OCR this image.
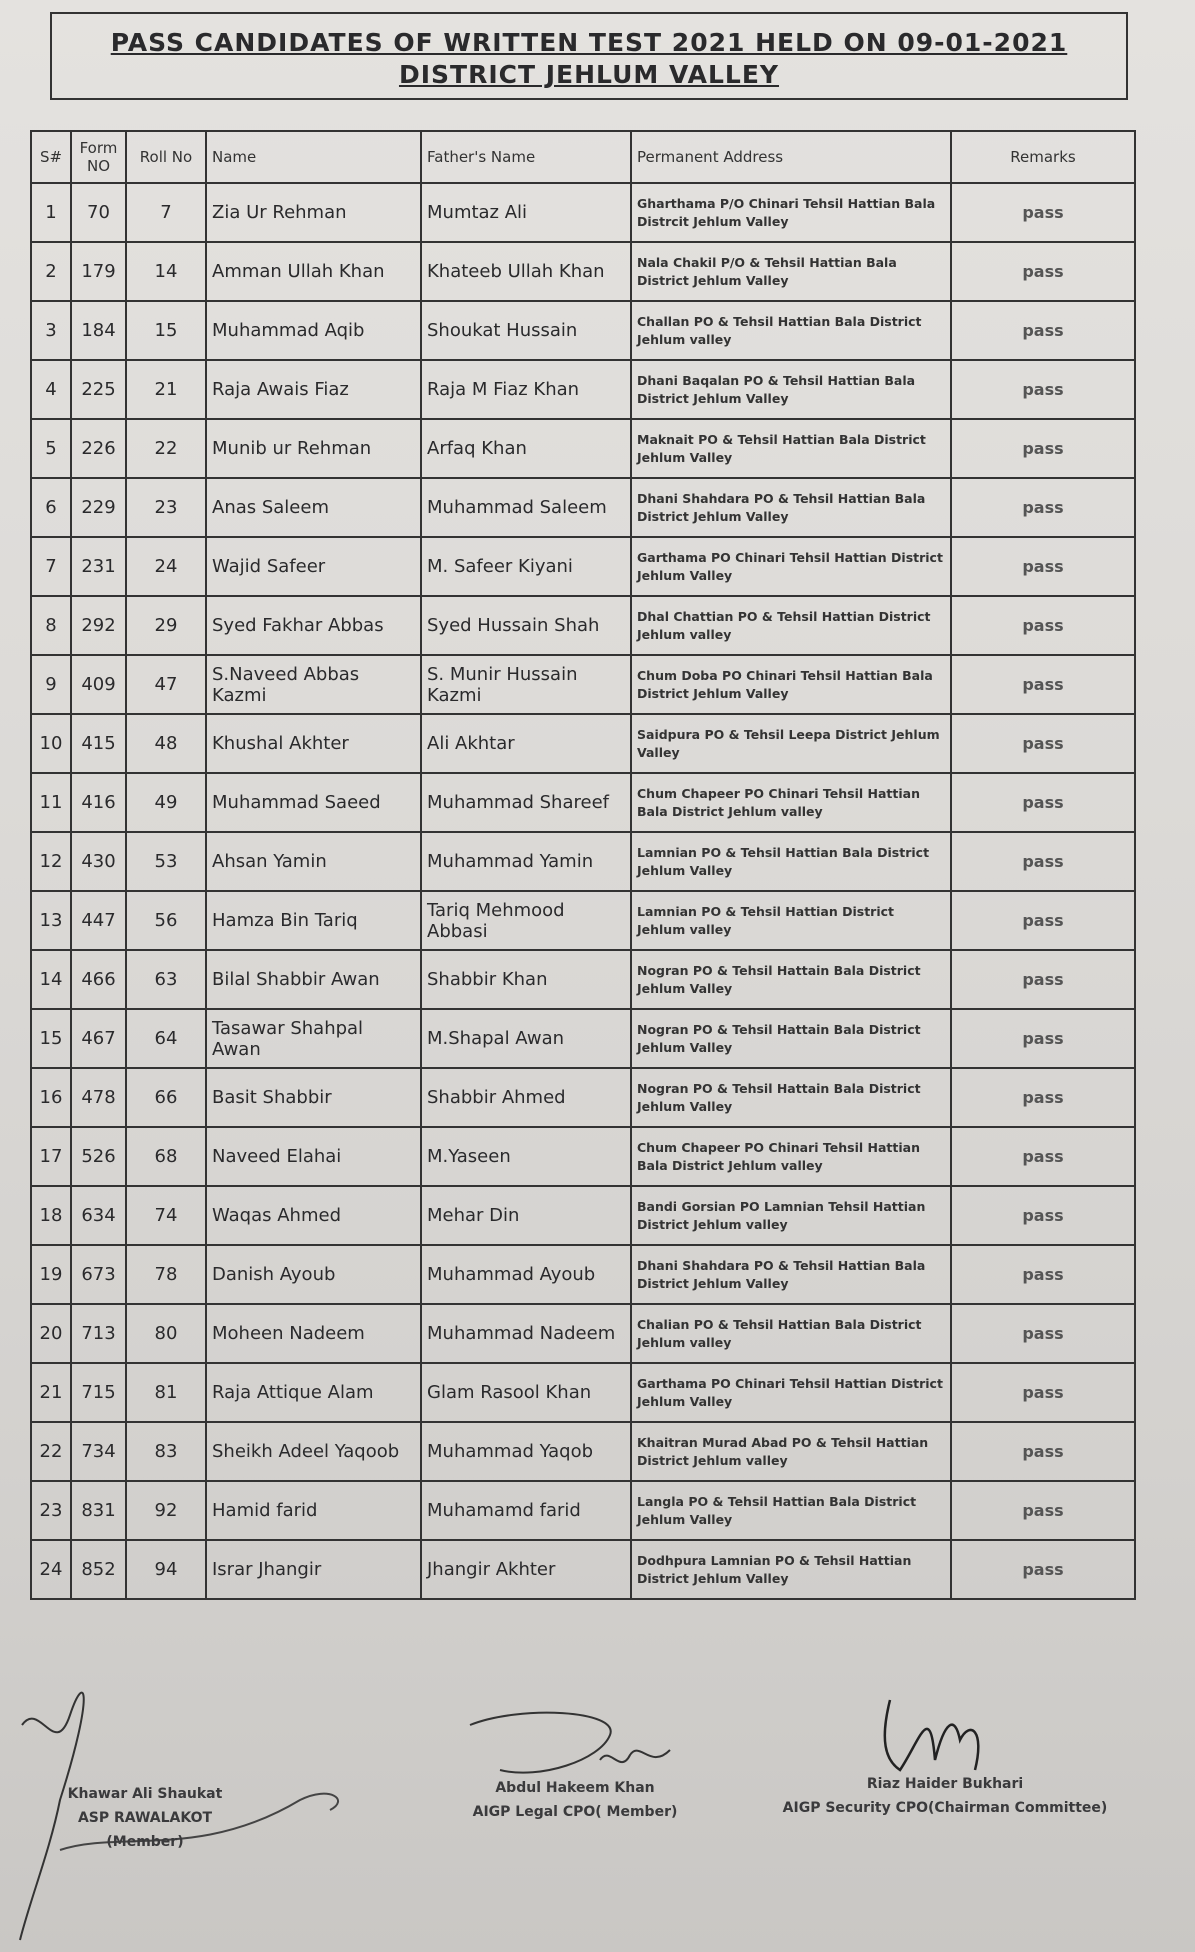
PASS CANDIDATES OF WRITTEN TEST 2021 HELD ON 09-01-2021
DISTRICT JEHLUM VALLEY
S#	Form NO	Roll No	Name	Father's Name	Permanent Address	Remarks
1	70	7	Zia Ur Rehman	Mumtaz Ali	Gharthama P/O Chinari Tehsil Hattian Bala Distrcit Jehlum Valley	pass
2	179	14	Amman Ullah Khan	Khateeb Ullah Khan	Nala Chakil P/O & Tehsil Hattian Bala District Jehlum Valley	pass
3	184	15	Muhammad Aqib	Shoukat Hussain	Challan PO & Tehsil Hattian Bala District Jehlum valley	pass
4	225	21	Raja Awais Fiaz	Raja M Fiaz Khan	Dhani Baqalan PO & Tehsil Hattian Bala District Jehlum Valley	pass
5	226	22	Munib ur Rehman	Arfaq Khan	Maknait PO & Tehsil Hattian Bala District Jehlum Valley	pass
6	229	23	Anas Saleem	Muhammad Saleem	Dhani Shahdara PO & Tehsil Hattian Bala District Jehlum Valley	pass
7	231	24	Wajid Safeer	M. Safeer Kiyani	Garthama PO Chinari Tehsil Hattian District Jehlum Valley	pass
8	292	29	Syed Fakhar Abbas	Syed Hussain Shah	Dhal Chattian PO & Tehsil Hattian District Jehlum valley	pass
9	409	47	S.Naveed Abbas Kazmi	S. Munir Hussain Kazmi	Chum Doba PO Chinari Tehsil Hattian Bala District Jehlum Valley	pass
10	415	48	Khushal Akhter	Ali Akhtar	Saidpura PO & Tehsil Leepa District Jehlum Valley	pass
11	416	49	Muhammad Saeed	Muhammad Shareef	Chum Chapeer PO Chinari Tehsil Hattian Bala District Jehlum valley	pass
12	430	53	Ahsan Yamin	Muhammad Yamin	Lamnian PO & Tehsil Hattian Bala District Jehlum Valley	pass
13	447	56	Hamza Bin Tariq	Tariq Mehmood Abbasi	Lamnian PO & Tehsil Hattian District Jehlum valley	pass
14	466	63	Bilal Shabbir Awan	Shabbir Khan	Nogran PO & Tehsil Hattain Bala District Jehlum Valley	pass
15	467	64	Tasawar Shahpal Awan	M.Shapal Awan	Nogran PO & Tehsil Hattain Bala District Jehlum Valley	pass
16	478	66	Basit Shabbir	Shabbir Ahmed	Nogran PO & Tehsil Hattain Bala District Jehlum Valley	pass
17	526	68	Naveed Elahai	M.Yaseen	Chum Chapeer PO Chinari Tehsil Hattian Bala District Jehlum valley	pass
18	634	74	Waqas Ahmed	Mehar Din	Bandi Gorsian PO Lamnian Tehsil Hattian District Jehlum valley	pass
19	673	78	Danish Ayoub	Muhammad Ayoub	Dhani Shahdara PO & Tehsil Hattian Bala District Jehlum Valley	pass
20	713	80	Moheen Nadeem	Muhammad Nadeem	Chalian PO & Tehsil Hattian Bala District Jehlum valley	pass
21	715	81	Raja Attique Alam	Glam Rasool Khan	Garthama PO Chinari Tehsil Hattian District Jehlum Valley	pass
22	734	83	Sheikh Adeel Yaqoob	Muhammad Yaqob	Khaitran Murad Abad PO & Tehsil Hattian District Jehlum valley	pass
23	831	92	Hamid farid	Muhamamd farid	Langla PO & Tehsil Hattian Bala District Jehlum Valley	pass
24	852	94	Israr Jhangir	Jhangir Akhter	Dodhpura Lamnian PO & Tehsil Hattian District Jehlum Valley	pass
Khawar Ali Shaukat
ASP RAWALAKOT (Member)
Abdul Hakeem Khan
AIGP Legal CPO( Member)
Riaz Haider Bukhari
AIGP Security CPO(Chairman Committee)
